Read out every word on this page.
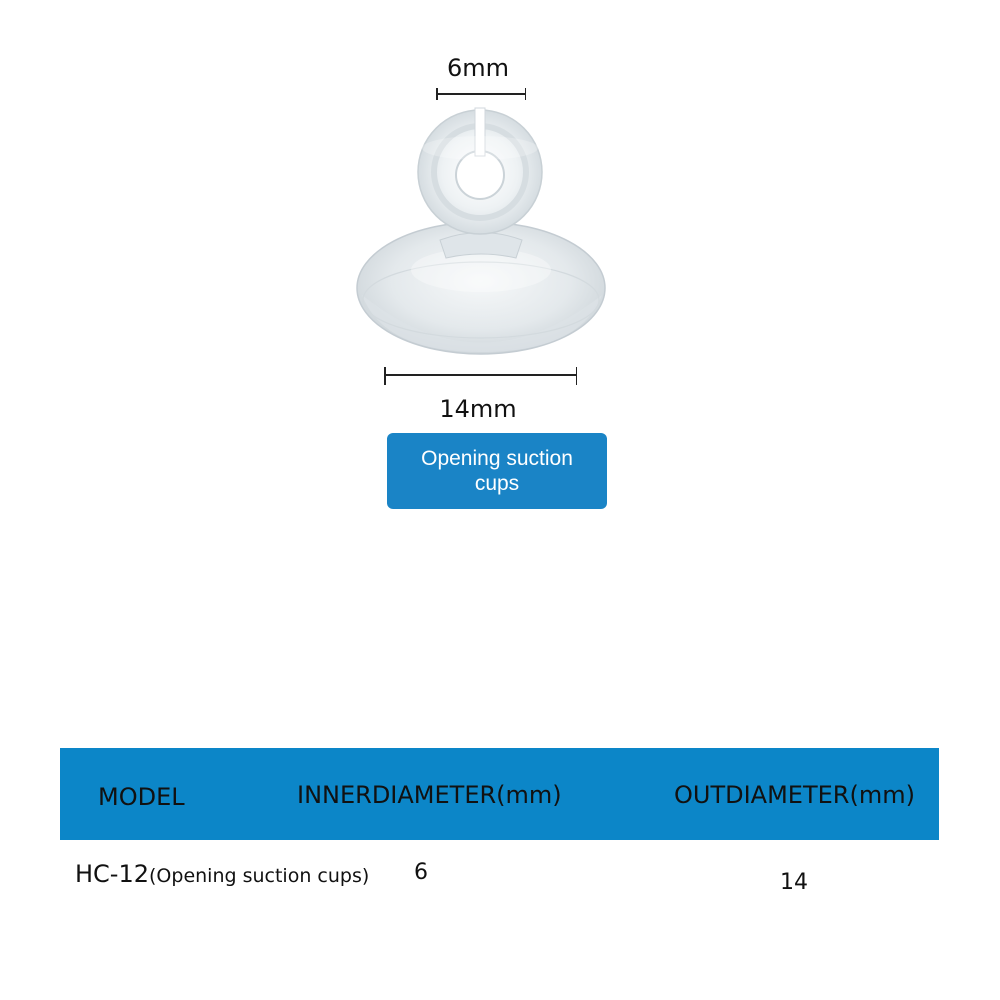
6mm
14mm
Opening suction cups
MODEL	INNERDIAMETER(mm)	OUTDIAMETER(mm)
HC-12(Opening suction cups) 6	14
